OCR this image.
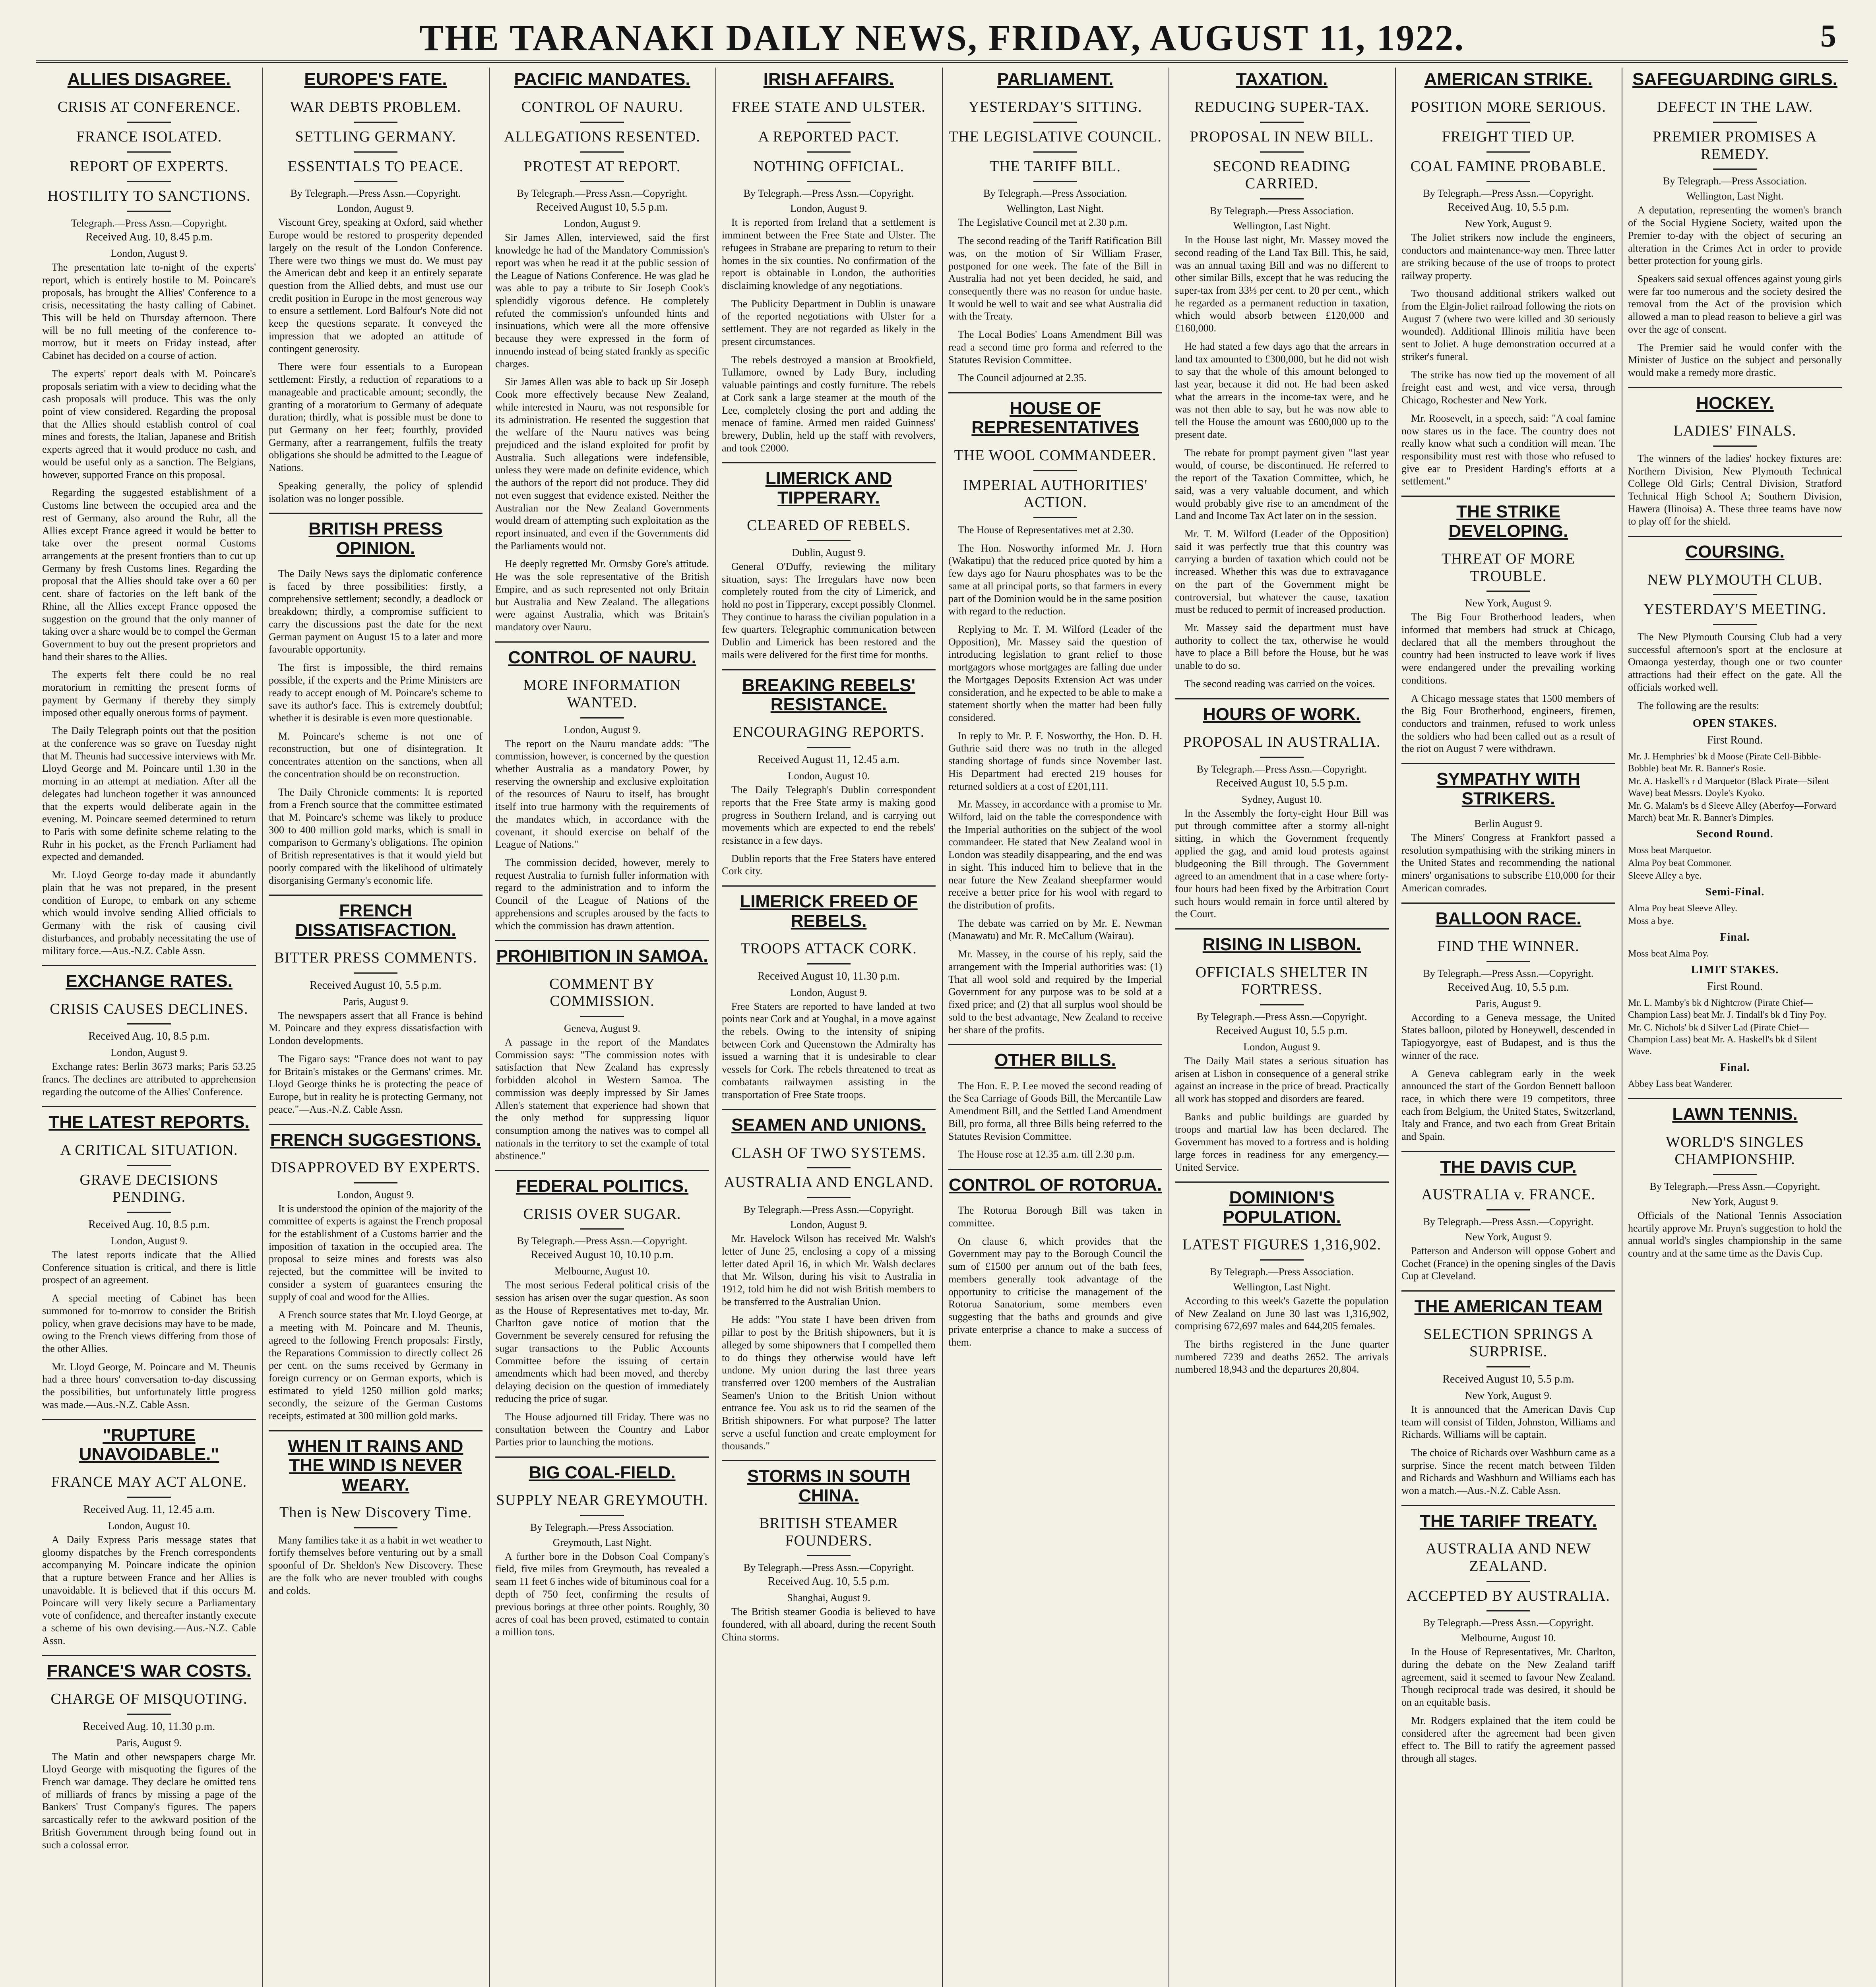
THE TARANAKI DAILY NEWS, FRIDAY, AUGUST 11, 1922.	5
ALLIES DISAGREE.
CRISIS AT CONFERENCE.
FRANCE ISOLATED.
REPORT OF EXPERTS.
HOSTILITY TO SANCTIONS.
Telegraph.—Press Assn.—Copyright.
Received Aug. 10, 8.45 p.m.
London, August 9.

The presentation late to-night of the experts' report, which is entirely hostile to M. Poincare's proposals, has brought the Allies' Conference to a crisis, necessitating the hasty calling of Cabinet. This will be held on Thursday afternoon. There will be no full meeting of the conference to-morrow, but it meets on Friday instead, after Cabinet has decided on a course of action.

The experts' report deals with M. Poincare's proposals seriatim with a view to deciding what the cash proposals will produce. This was the only point of view considered. Regarding the proposal that the Allies should establish control of coal mines and forests, the Italian, Japanese and British experts agreed that it would produce no cash, and would be useful only as a sanction. The Belgians, however, supported France on this proposal.

Regarding the suggested establishment of a Customs line between the occupied area and the rest of Germany, also around the Ruhr, all the Allies except France agreed it would be better to take over the present normal Customs arrangements at the present frontiers than to cut up Germany by fresh Customs lines. Regarding the proposal that the Allies should take over a 60 per cent. share of factories on the left bank of the Rhine, all the Allies except France opposed the suggestion on the ground that the only manner of taking over a share would be to compel the German Government to buy out the present proprietors and hand their shares to the Allies.

The experts felt there could be no real moratorium in remitting the present forms of payment by Germany if thereby they simply imposed other equally onerous forms of payment.

The Daily Telegraph points out that the position at the conference was so grave on Tuesday night that M. Theunis had successive interviews with Mr. Lloyd George and M. Poincare until 1.30 in the morning in an attempt at mediation. After all the delegates had luncheon together it was announced that the experts would deliberate again in the evening. M. Poincare seemed determined to return to Paris with some definite scheme relating to the Ruhr in his pocket, as the French Parliament had expected and demanded.

Mr. Lloyd George to-day made it abundantly plain that he was not prepared, in the present condition of Europe, to embark on any scheme which would involve sending Allied officials to Germany with the risk of causing civil disturbances, and probably necessitating the use of military force.—Aus.-N.Z. Cable Assn.

EXCHANGE RATES.
CRISIS CAUSES DECLINES.
Received Aug. 10, 8.5 p.m.
London, August 9.

Exchange rates: Berlin 3673 marks; Paris 53.25 francs. The declines are attributed to apprehension regarding the outcome of the Allies' Conference.

THE LATEST REPORTS.
A CRITICAL SITUATION.
GRAVE DECISIONS PENDING.
Received Aug. 10, 8.5 p.m.
London, August 9.

The latest reports indicate that the Allied Conference situation is critical, and there is little prospect of an agreement.

A special meeting of Cabinet has been summoned for to-morrow to consider the British policy, when grave decisions may have to be made, owing to the French views differing from those of the other Allies.

Mr. Lloyd George, M. Poincare and M. Theunis had a three hours' conversation to-day discussing the possibilities, but unfortunately little progress was made.—Aus.-N.Z. Cable Assn.

"RUPTURE UNAVOIDABLE."
FRANCE MAY ACT ALONE.
Received Aug. 11, 12.45 a.m.
London, August 10.

A Daily Express Paris message states that gloomy dispatches by the French correspondents accompanying M. Poincare indicate the opinion that a rupture between France and her Allies is unavoidable. It is believed that if this occurs M. Poincare will very likely secure a Parliamentary vote of confidence, and thereafter instantly execute a scheme of his own devising.—Aus.-N.Z. Cable Assn.

FRANCE'S WAR COSTS.
CHARGE OF MISQUOTING.
Received Aug. 10, 11.30 p.m.
Paris, August 9.

The Matin and other newspapers charge Mr. Lloyd George with misquoting the figures of the French war damage. They declare he omitted tens of milliards of francs by missing a page of the Bankers' Trust Company's figures. The papers sarcastically refer to the awkward position of the British Government through being found out in such a colossal error.

EUROPE'S FATE.
WAR DEBTS PROBLEM.
SETTLING GERMANY.
ESSENTIALS TO PEACE.
By Telegraph.—Press Assn.—Copyright.
London, August 9.

Viscount Grey, speaking at Oxford, said whether Europe would be restored to prosperity depended largely on the result of the London Conference. There were two things we must do. We must pay the American debt and keep it an entirely separate question from the Allied debts, and must use our credit position in Europe in the most generous way to ensure a settlement. Lord Balfour's Note did not keep the questions separate. It conveyed the impression that we adopted an attitude of contingent generosity.

There were four essentials to a European settlement: Firstly, a reduction of reparations to a manageable and practicable amount; secondly, the granting of a moratorium to Germany of adequate duration; thirdly, what is possible must be done to put Germany on her feet; fourthly, provided Germany, after a rearrangement, fulfils the treaty obligations she should be admitted to the League of Nations.

Speaking generally, the policy of splendid isolation was no longer possible.

BRITISH PRESS OPINION.

The Daily News says the diplomatic conference is faced by three possibilities: firstly, a comprehensive settlement; secondly, a deadlock or breakdown; thirdly, a compromise sufficient to carry the discussions past the date for the next German payment on August 15 to a later and more favourable opportunity.

The first is impossible, the third remains possible, if the experts and the Prime Ministers are ready to accept enough of M. Poincare's scheme to save its author's face. This is extremely doubtful; whether it is desirable is even more questionable.

M. Poincare's scheme is not one of reconstruction, but one of disintegration. It concentrates attention on the sanctions, when all the concentration should be on reconstruction.

The Daily Chronicle comments: It is reported from a French source that the committee estimated that M. Poincare's scheme was likely to produce 300 to 400 million gold marks, which is small in comparison to Germany's obligations. The opinion of British representatives is that it would yield but poorly compared with the likelihood of ultimately disorganising Germany's economic life.

FRENCH DISSATISFACTION.
BITTER PRESS COMMENTS.
Received August 10, 5.5 p.m.
Paris, August 9.

The newspapers assert that all France is behind M. Poincare and they express dissatisfaction with London developments.

The Figaro says: "France does not want to pay for Britain's mistakes or the Germans' crimes. Mr. Lloyd George thinks he is protecting the peace of Europe, but in reality he is protecting Germany, not peace."—Aus.-N.Z. Cable Assn.

FRENCH SUGGESTIONS.
DISAPPROVED BY EXPERTS.
London, August 9.

It is understood the opinion of the majority of the committee of experts is against the French proposal for the establishment of a Customs barrier and the imposition of taxation in the occupied area. The proposal to seize mines and forests was also rejected, but the committee will be invited to consider a system of guarantees ensuring the supply of coal and wood for the Allies.

A French source states that Mr. Lloyd George, at a meeting with M. Poincare and M. Theunis, agreed to the following French proposals: Firstly, the Reparations Commission to directly collect 26 per cent. on the sums received by Germany in foreign currency or on German exports, which is estimated to yield 1250 million gold marks; secondly, the seizure of the German Customs receipts, estimated at 300 million gold marks.

WHEN IT RAINS AND THE WIND IS NEVER WEARY.
Then is New Discovery Time.

Many families take it as a habit in wet weather to fortify themselves before venturing out by a small spoonful of Dr. Sheldon's New Discovery. These are the folk who are never troubled with coughs and colds.

PACIFIC MANDATES.
CONTROL OF NAURU.
ALLEGATIONS RESENTED.
PROTEST AT REPORT.
By Telegraph.—Press Assn.—Copyright.
Received August 10, 5.5 p.m.
London, August 9.

Sir James Allen, interviewed, said the first knowledge he had of the Mandatory Commission's report was when he read it at the public session of the League of Nations Conference. He was glad he was able to pay a tribute to Sir Joseph Cook's splendidly vigorous defence. He completely refuted the commission's unfounded hints and insinuations, which were all the more offensive because they were expressed in the form of innuendo instead of being stated frankly as specific charges.

Sir James Allen was able to back up Sir Joseph Cook more effectively because New Zealand, while interested in Nauru, was not responsible for its administration. He resented the suggestion that the welfare of the Nauru natives was being prejudiced and the island exploited for profit by Australia. Such allegations were indefensible, unless they were made on definite evidence, which the authors of the report did not produce. They did not even suggest that evidence existed. Neither the Australian nor the New Zealand Governments would dream of attempting such exploitation as the report insinuated, and even if the Governments did the Parliaments would not.

He deeply regretted Mr. Ormsby Gore's attitude. He was the sole representative of the British Empire, and as such represented not only Britain but Australia and New Zealand. The allegations were against Australia, which was Britain's mandatory over Nauru.

CONTROL OF NAURU.
MORE INFORMATION WANTED.
London, August 9.

The report on the Nauru mandate adds: "The commission, however, is concerned by the question whether Australia as a mandatory Power, by reserving the ownership and exclusive exploitation of the resources of Nauru to itself, has brought itself into true harmony with the requirements of the mandates which, in accordance with the covenant, it should exercise on behalf of the League of Nations."

The commission decided, however, merely to request Australia to furnish fuller information with regard to the administration and to inform the Council of the League of Nations of the apprehensions and scruples aroused by the facts to which the commission has drawn attention.

PROHIBITION IN SAMOA.
COMMENT BY COMMISSION.
Geneva, August 9.

A passage in the report of the Mandates Commission says: "The commission notes with satisfaction that New Zealand has expressly forbidden alcohol in Western Samoa. The commission was deeply impressed by Sir James Allen's statement that experience had shown that the only method for suppressing liquor consumption among the natives was to compel all nationals in the territory to set the example of total abstinence."

FEDERAL POLITICS.
CRISIS OVER SUGAR.
By Telegraph.—Press Assn.—Copyright.
Received August 10, 10.10 p.m.
Melbourne, August 10.

The most serious Federal political crisis of the session has arisen over the sugar question. As soon as the House of Representatives met to-day, Mr. Charlton gave notice of motion that the Government be severely censured for refusing the sugar transactions to the Public Accounts Committee before the issuing of certain amendments which had been moved, and thereby delaying decision on the question of immediately reducing the price of sugar.

The House adjourned till Friday. There was no consultation between the Country and Labor Parties prior to launching the motions.

BIG COAL-FIELD.
SUPPLY NEAR GREYMOUTH.
By Telegraph.—Press Association.
Greymouth, Last Night.

A further bore in the Dobson Coal Company's field, five miles from Greymouth, has revealed a seam 11 feet 6 inches wide of bituminous coal for a depth of 750 feet, confirming the results of previous borings at three other points. Roughly, 30 acres of coal has been proved, estimated to contain a million tons.

IRISH AFFAIRS.
FREE STATE AND ULSTER.
A REPORTED PACT.
NOTHING OFFICIAL.
By Telegraph.—Press Assn.—Copyright.
London, August 9.

It is reported from Ireland that a settlement is imminent between the Free State and Ulster. The refugees in Strabane are preparing to return to their homes in the six counties. No confirmation of the report is obtainable in London, the authorities disclaiming knowledge of any negotiations.

The Publicity Department in Dublin is unaware of the reported negotiations with Ulster for a settlement. They are not regarded as likely in the present circumstances.

The rebels destroyed a mansion at Brookfield, Tullamore, owned by Lady Bury, including valuable paintings and costly furniture. The rebels at Cork sank a large steamer at the mouth of the Lee, completely closing the port and adding the menace of famine. Armed men raided Guinness' brewery, Dublin, held up the staff with revolvers, and took £2000.

LIMERICK AND TIPPERARY.
CLEARED OF REBELS.
Dublin, August 9.

General O'Duffy, reviewing the military situation, says: The Irregulars have now been completely routed from the city of Limerick, and hold no post in Tipperary, except possibly Clonmel. They continue to harass the civilian population in a few quarters. Telegraphic communication between Dublin and Limerick has been restored and the mails were delivered for the first time for months.

BREAKING REBELS' RESISTANCE.
ENCOURAGING REPORTS.
Received August 11, 12.45 a.m.
London, August 10.

The Daily Telegraph's Dublin correspondent reports that the Free State army is making good progress in Southern Ireland, and is carrying out movements which are expected to end the rebels' resistance in a few days.

Dublin reports that the Free Staters have entered Cork city.

LIMERICK FREED OF REBELS.
TROOPS ATTACK CORK.
Received August 10, 11.30 p.m.
London, August 9.

Free Staters are reported to have landed at two points near Cork and at Youghal, in a move against the rebels. Owing to the intensity of sniping between Cork and Queenstown the Admiralty has issued a warning that it is undesirable to clear vessels for Cork. The rebels threatened to treat as combatants railwaymen assisting in the transportation of Free State troops.

SEAMEN AND UNIONS.
CLASH OF TWO SYSTEMS.
AUSTRALIA AND ENGLAND.
By Telegraph.—Press Assn.—Copyright.
London, August 9.

Mr. Havelock Wilson has received Mr. Walsh's letter of June 25, enclosing a copy of a missing letter dated April 16, in which Mr. Walsh declares that Mr. Wilson, during his visit to Australia in 1912, told him he did not wish British members to be transferred to the Australian Union.

He adds: "You state I have been driven from pillar to post by the British shipowners, but it is alleged by some shipowners that I compelled them to do things they otherwise would have left undone. My union during the last three years transferred over 1200 members of the Australian Seamen's Union to the British Union without entrance fee. You ask us to rid the seamen of the British shipowners. For what purpose? The latter serve a useful function and create employment for thousands."

STORMS IN SOUTH CHINA.
BRITISH STEAMER FOUNDERS.
By Telegraph.—Press Assn.—Copyright.
Received Aug. 10, 5.5 p.m.
Shanghai, August 9.

The British steamer Goodia is believed to have foundered, with all aboard, during the recent South China storms.

PARLIAMENT.
YESTERDAY'S SITTING.
THE LEGISLATIVE COUNCIL.
THE TARIFF BILL.
By Telegraph.—Press Association.
Wellington, Last Night.

The Legislative Council met at 2.30 p.m.

The second reading of the Tariff Ratification Bill was, on the motion of Sir William Fraser, postponed for one week. The fate of the Bill in Australia had not yet been decided, he said, and consequently there was no reason for undue haste. It would be well to wait and see what Australia did with the Treaty.

The Local Bodies' Loans Amendment Bill was read a second time pro forma and referred to the Statutes Revision Committee.

The Council adjourned at 2.35.

HOUSE OF REPRESENTATIVES
THE WOOL COMMANDEER.
IMPERIAL AUTHORITIES' ACTION.

The House of Representatives met at 2.30.

The Hon. Nosworthy informed Mr. J. Horn (Wakatipu) that the reduced price quoted by him a few days ago for Nauru phosphates was to be the same at all principal ports, so that farmers in every part of the Dominion would be in the same position with regard to the reduction.

Replying to Mr. T. M. Wilford (Leader of the Opposition), Mr. Massey said the question of introducing legislation to grant relief to those mortgagors whose mortgages are falling due under the Mortgages Deposits Extension Act was under consideration, and he expected to be able to make a statement shortly when the matter had been fully considered.

In reply to Mr. P. F. Nosworthy, the Hon. D. H. Guthrie said there was no truth in the alleged standing shortage of funds since November last. His Department had erected 219 houses for returned soldiers at a cost of £201,111.

Mr. Massey, in accordance with a promise to Mr. Wilford, laid on the table the correspondence with the Imperial authorities on the subject of the wool commandeer. He stated that New Zealand wool in London was steadily disappearing, and the end was in sight. This induced him to believe that in the near future the New Zealand sheepfarmer would receive a better price for his wool with regard to the distribution of profits.

The debate was carried on by Mr. E. Newman (Manawatu) and Mr. R. McCallum (Wairau).

Mr. Massey, in the course of his reply, said the arrangement with the Imperial authorities was: (1) That all wool sold and required by the Imperial Government for any purpose was to be sold at a fixed price; and (2) that all surplus wool should be sold to the best advantage, New Zealand to receive her share of the profits.

OTHER BILLS.

The Hon. E. P. Lee moved the second reading of the Sea Carriage of Goods Bill, the Mercantile Law Amendment Bill, and the Settled Land Amendment Bill, pro forma, all three Bills being referred to the Statutes Revision Committee.

The House rose at 12.35 a.m. till 2.30 p.m.

CONTROL OF ROTORUA.

The Rotorua Borough Bill was taken in committee.

On clause 6, which provides that the Government may pay to the Borough Council the sum of £1500 per annum out of the bath fees, members generally took advantage of the opportunity to criticise the management of the Rotorua Sanatorium, some members even suggesting that the baths and grounds and give private enterprise a chance to make a success of them.

TAXATION.
REDUCING SUPER-TAX.
PROPOSAL IN NEW BILL.
SECOND READING CARRIED.
By Telegraph.—Press Association.
Wellington, Last Night.

In the House last night, Mr. Massey moved the second reading of the Land Tax Bill. This, he said, was an annual taxing Bill and was no different to other similar Bills, except that he was reducing the super-tax from 33⅓ per cent. to 20 per cent., which he regarded as a permanent reduction in taxation, which would absorb between £120,000 and £160,000.

He had stated a few days ago that the arrears in land tax amounted to £300,000, but he did not wish to say that the whole of this amount belonged to last year, because it did not. He had been asked what the arrears in the income-tax were, and he was not then able to say, but he was now able to tell the House the amount was £600,000 up to the present date.

The rebate for prompt payment given "last year would, of course, be discontinued. He referred to the report of the Taxation Committee, which, he said, was a very valuable document, and which would probably give rise to an amendment of the Land and Income Tax Act later on in the session.

Mr. T. M. Wilford (Leader of the Opposition) said it was perfectly true that this country was carrying a burden of taxation which could not be increased. Whether this was due to extravagance on the part of the Government might be controversial, but whatever the cause, taxation must be reduced to permit of increased production.

Mr. Massey said the department must have authority to collect the tax, otherwise he would have to place a Bill before the House, but he was unable to do so.

The second reading was carried on the voices.

HOURS OF WORK.
PROPOSAL IN AUSTRALIA.
By Telegraph.—Press Assn.—Copyright.
Received August 10, 5.5 p.m.
Sydney, August 10.

In the Assembly the forty-eight Hour Bill was put through committee after a stormy all-night sitting, in which the Government frequently applied the gag, and amid loud protests against bludgeoning the Bill through. The Government agreed to an amendment that in a case where forty-four hours had been fixed by the Arbitration Court such hours would remain in force until altered by the Court.

RISING IN LISBON.
OFFICIALS SHELTER IN FORTRESS.
By Telegraph.—Press Assn.—Copyright.
Received August 10, 5.5 p.m.
London, August 9.

The Daily Mail states a serious situation has arisen at Lisbon in consequence of a general strike against an increase in the price of bread. Practically all work has stopped and disorders are feared.

Banks and public buildings are guarded by troops and martial law has been declared. The Government has moved to a fortress and is holding large forces in readiness for any emergency.—United Service.

DOMINION'S POPULATION.
LATEST FIGURES 1,316,902.
By Telegraph.—Press Association.
Wellington, Last Night.

According to this week's Gazette the population of New Zealand on June 30 last was 1,316,902, comprising 672,697 males and 644,205 females.

The births registered in the June quarter numbered 7239 and deaths 2652. The arrivals numbered 18,943 and the departures 20,804.

AMERICAN STRIKE.
POSITION MORE SERIOUS.
FREIGHT TIED UP.
COAL FAMINE PROBABLE.
By Telegraph.—Press Assn.—Copyright.
Received Aug. 10, 5.5 p.m.
New York, August 9.

The Joliet strikers now include the engineers, conductors and maintenance-way men. Three latter are striking because of the use of troops to protect railway property.

Two thousand additional strikers walked out from the Elgin-Joliet railroad following the riots on August 7 (where two were killed and 30 seriously wounded). Additional Illinois militia have been sent to Joliet. A huge demonstration occurred at a striker's funeral.

The strike has now tied up the movement of all freight east and west, and vice versa, through Chicago, Rochester and New York.

Mr. Roosevelt, in a speech, said: "A coal famine now stares us in the face. The country does not really know what such a condition will mean. The responsibility must rest with those who refused to give ear to President Harding's efforts at a settlement."

THE STRIKE DEVELOPING.
THREAT OF MORE TROUBLE.
New York, August 9.

The Big Four Brotherhood leaders, when informed that members had struck at Chicago, declared that all the members throughout the country had been instructed to leave work if lives were endangered under the prevailing working conditions.

A Chicago message states that 1500 members of the Big Four Brotherhood, engineers, firemen, conductors and trainmen, refused to work unless the soldiers who had been called out as a result of the riot on August 7 were withdrawn.

SYMPATHY WITH STRIKERS.
Berlin August 9.

The Miners' Congress at Frankfort passed a resolution sympathising with the striking miners in the United States and recommending the national miners' organisations to subscribe £10,000 for their American comrades.

BALLOON RACE.
FIND THE WINNER.
By Telegraph.—Press Assn.—Copyright.
Received Aug. 10, 5.5 p.m.
Paris, August 9.

According to a Geneva message, the United States balloon, piloted by Honeywell, descended in Tapiogyorgye, east of Budapest, and is thus the winner of the race.

A Geneva cablegram early in the week announced the start of the Gordon Bennett balloon race, in which there were 19 competitors, three each from Belgium, the United States, Switzerland, Italy and France, and two each from Great Britain and Spain.

THE DAVIS CUP.
AUSTRALIA v. FRANCE.
By Telegraph.—Press Assn.—Copyright.
New York, August 9.

Patterson and Anderson will oppose Gobert and Cochet (France) in the opening singles of the Davis Cup at Cleveland.

THE AMERICAN TEAM
SELECTION SPRINGS A SURPRISE.
Received August 10, 5.5 p.m.
New York, August 9.

It is announced that the American Davis Cup team will consist of Tilden, Johnston, Williams and Richards. Williams will be captain.

The choice of Richards over Washburn came as a surprise. Since the recent match between Tilden and Richards and Washburn and Williams each has won a match.—Aus.-N.Z. Cable Assn.

THE TARIFF TREATY.
AUSTRALIA AND NEW ZEALAND.
ACCEPTED BY AUSTRALIA.
By Telegraph.—Press Assn.—Copyright.
Melbourne, August 10.

In the House of Representatives, Mr. Charlton, during the debate on the New Zealand tariff agreement, said it seemed to favour New Zealand. Though reciprocal trade was desired, it should be on an equitable basis.

Mr. Rodgers explained that the item could be considered after the agreement had been given effect to. The Bill to ratify the agreement passed through all stages.

SAFEGUARDING GIRLS.
DEFECT IN THE LAW.
PREMIER PROMISES A REMEDY.
By Telegraph.—Press Association.
Wellington, Last Night.

A deputation, representing the women's branch of the Social Hygiene Society, waited upon the Premier to-day with the object of securing an alteration in the Crimes Act in order to provide better protection for young girls.

Speakers said sexual offences against young girls were far too numerous and the society desired the removal from the Act of the provision which allowed a man to plead reason to believe a girl was over the age of consent.

The Premier said he would confer with the Minister of Justice on the subject and personally would make a remedy more drastic.

HOCKEY.
LADIES' FINALS.

The winners of the ladies' hockey fixtures are: Northern Division, New Plymouth Technical College Old Girls; Central Division, Stratford Technical High School A; Southern Division, Hawera (Ilinoisa) A. These three teams have now to play off for the shield.

COURSING.
NEW PLYMOUTH CLUB.
YESTERDAY'S MEETING.

The New Plymouth Coursing Club had a very successful afternoon's sport at the enclosure at Omaonga yesterday, though one or two counter attractions had their effect on the gate. All the officials worked well.

The following are the results:

OPEN STAKES.
First Round.
Mr. J. Hemphries' bk d Moose (Pirate Cell-Bibble-Bobble) beat Mr. R. Banner's Rosie.
Mr. A. Haskell's r d Marquetor (Black Pirate—Silent Wave) beat Messrs. Doyle's Kyoko.
Mr. G. Malam's bs d Sleeve Alley (Aberfoy—Forward March) beat Mr. R. Banner's Dimples.
Second Round.
Moss beat Marquetor.
Alma Poy beat Commoner.
Sleeve Alley a bye.
Semi-Final.
Alma Poy beat Sleeve Alley.
Moss a bye.
Final.
Moss beat Alma Poy.
LIMIT STAKES.
First Round.
Mr. L. Mamby's bk d Nightcrow (Pirate Chief—Champion Lass) beat Mr. J. Tindall's bk d Tiny Poy.
Mr. C. Nichols' bk d Silver Lad (Pirate Chief—Champion Lass) beat Mr. A. Haskell's bk d Silent Wave.
Final.
Abbey Lass beat Wanderer.
LAWN TENNIS.
WORLD'S SINGLES CHAMPIONSHIP.
By Telegraph.—Press Assn.—Copyright.
New York, August 9.

Officials of the National Tennis Association heartily approve Mr. Pruyn's suggestion to hold the annual world's singles championship in the same country and at the same time as the Davis Cup.
